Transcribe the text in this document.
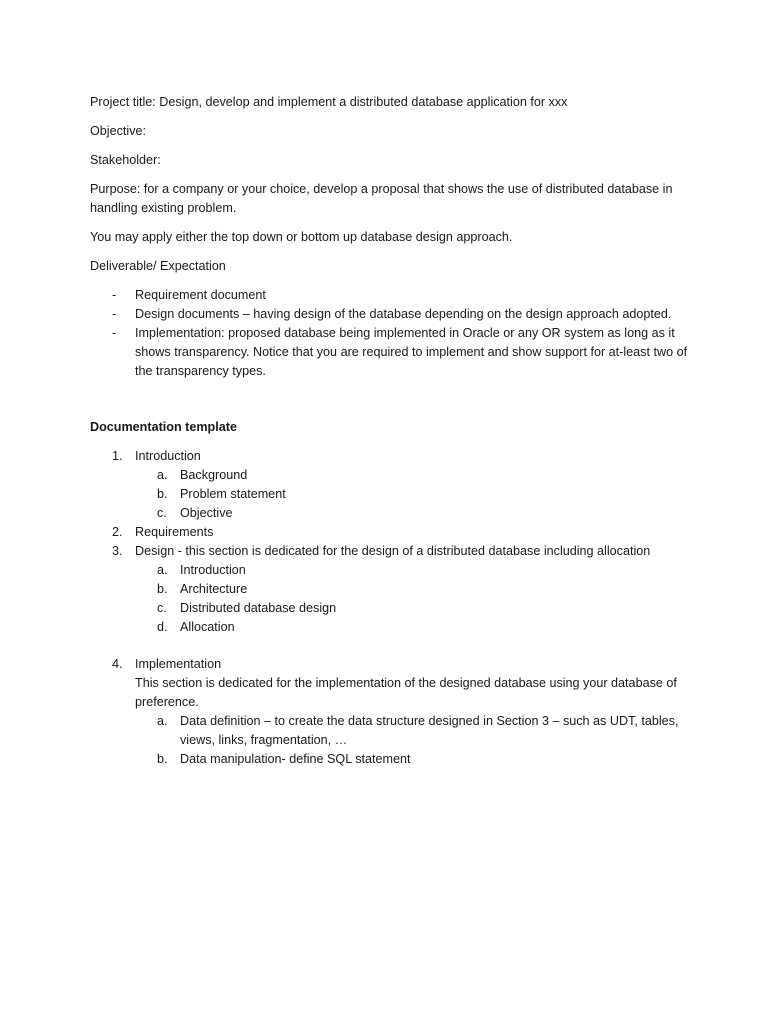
Project title: Design, develop and implement a distributed database application for xxx

Objective:

Stakeholder:

Purpose: for a company or your choice, develop a proposal that shows the use of distributed database in handling existing problem.

You may apply either the top down or bottom up database design approach.

Deliverable/ Expectation

- Requirement document
- Design documents – having design of the database depending on the design approach adopted.
- Implementation: proposed database being implemented in Oracle or any OR system as long as it shows transparency. Notice that you are required to implement and show support for at-least two of the transparency types.

Documentation template

1. Introduction
a. Background
b. Problem statement
c. Objective
2. Requirements
3. Design - this section is dedicated for the design of a distributed database including allocation
a. Introduction
b. Architecture
c. Distributed database design
d. Allocation
4. Implementation
This section is dedicated for the implementation of the designed database using your database of preference.
a. Data definition – to create the data structure designed in Section 3 – such as UDT, tables, views, links, fragmentation, …
b. Data manipulation- define SQL statement
